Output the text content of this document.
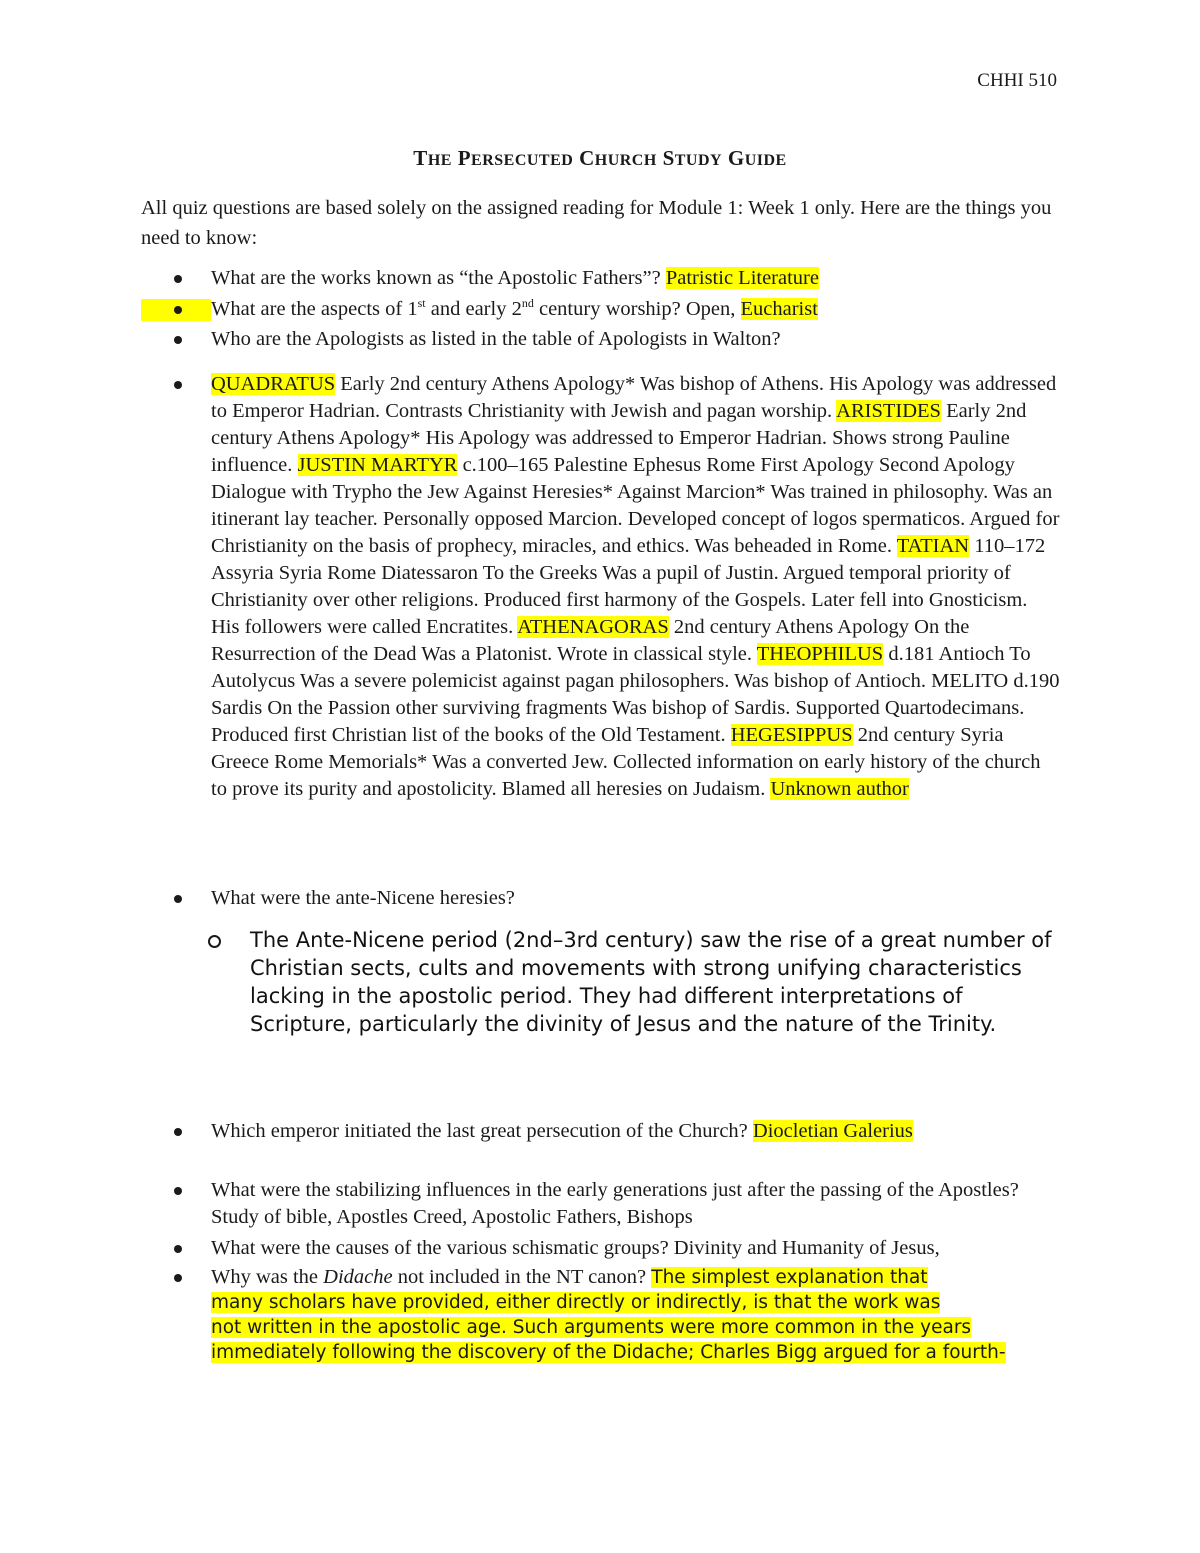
CHHI 510
THE PERSECUTED CHURCH STUDY GUIDE
All quiz questions are based solely on the assigned reading for Module 1: Week 1 only. Here are the things you need to know:
What are the works known as “the Apostolic Fathers”? Patristic Literature
What are the aspects of 1st and early 2nd century worship? Open, Eucharist
Who are the Apologists as listed in the table of Apologists in Walton?
QUADRATUS Early 2nd century Athens Apology* Was bishop of Athens. His Apology was addressed to Emperor Hadrian. Contrasts Christianity with Jewish and pagan worship. ARISTIDES Early 2nd century Athens Apology* His Apology was addressed to Emperor Hadrian. Shows strong Pauline influence. JUSTIN MARTYR c.100–165 Palestine Ephesus Rome First Apology Second Apology Dialogue with Trypho the Jew Against Heresies* Against Marcion* Was trained in philosophy. Was an itinerant lay teacher. Personally opposed Marcion. Developed concept of logos spermaticos. Argued for Christianity on the basis of prophecy, miracles, and ethics. Was beheaded in Rome. TATIAN 110–172 Assyria Syria Rome Diatessaron To the Greeks Was a pupil of Justin. Argued temporal priority of Christianity over other religions. Produced first harmony of the Gospels. Later fell into Gnosticism. His followers were called Encratites. ATHENAGORAS 2nd century Athens Apology On the Resurrection of the Dead Was a Platonist. Wrote in classical style. THEOPHILUS d.181 Antioch To Autolycus Was a severe polemicist against pagan philosophers. Was bishop of Antioch. MELITO d.190 Sardis On the Passion other surviving fragments Was bishop of Sardis. Supported Quartodecimans. Produced first Christian list of the books of the Old Testament. HEGESIPPUS 2nd century Syria Greece Rome Memorials* Was a converted Jew. Collected information on early history of the church to prove its purity and apostolicity. Blamed all heresies on Judaism. Unknown author
What were the ante-Nicene heresies?
The Ante-Nicene period (2nd–3rd century) saw the rise of a great number of Christian sects, cults and movements with strong unifying characteristics lacking in the apostolic period. They had different interpretations of Scripture, particularly the divinity of Jesus and the nature of the Trinity.
Which emperor initiated the last great persecution of the Church? Diocletian Galerius
What were the stabilizing influences in the early generations just after the passing of the Apostles? Study of bible, Apostles Creed, Apostolic Fathers, Bishops
What were the causes of the various schismatic groups? Divinity and Humanity of Jesus,
Why was the Didache not included in the NT canon? The simplest explanation that
many scholars have provided, either directly or indirectly, is that the work was
not written in the apostolic age. Such arguments were more common in the years
immediately following the discovery of the Didache; Charles Bigg argued for a fourth-
